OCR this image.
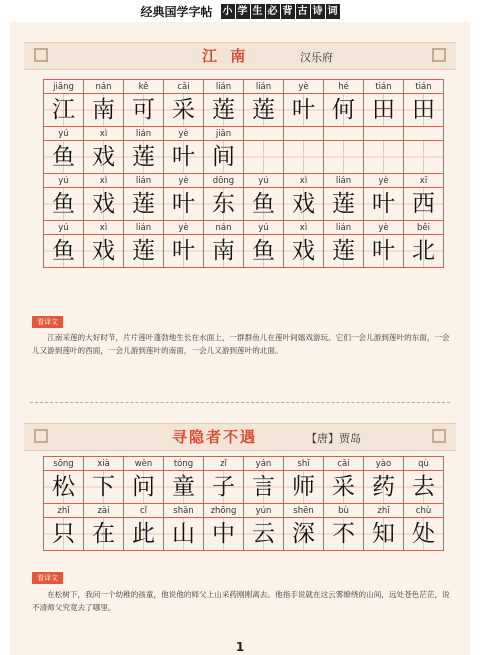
经典国学字帖 小 学 生 必 背 古 诗 词
江 南	汉乐府
jiāng	nán	kě	cǎi	lián	lián	yè	hé	tián	tián
江 南 可 采 莲 莲 叶 何 田 田
yú	xì	lián	yè	jiān
鱼 戏 莲 叶 间
yú	xì	lián	yè	dōng	yú	xì	lián	yè	xī
鱼 戏 莲 叶 东 鱼 戏 莲 叶 西
yú	xì	lián	yè	nán	yú	xì	lián	yè	běi
鱼 戏 莲 叶 南 鱼 戏 莲 叶 北
看译文
江南采莲的大好时节，片片莲叶蓬勃地生长在水面上，一群群鱼儿在莲叶间嬉戏游玩。它们一会儿游到莲叶的东面，一会儿又游到莲叶的西面，一会儿游到莲叶的南面，一会儿又游到莲叶的北面。
寻隐者不遇	【唐】贾岛
sōng	xià	wèn	tóng	zǐ	yán	shī	cǎi	yào	qù
松 下 问 童 子 言 师 采 药 去
zhǐ	zài	cǐ	shān	zhōng	yún	shēn	bù	zhī	chù
只 在 此 山 中 云 深 不 知 处
看译文
在松树下，我问一个幼稚的孩童，他说他的师父上山采药刚刚离去。他指手说就在这云雾缭绕的山间，远处苍色茫茫，说不清师父究竟去了哪里。
1
